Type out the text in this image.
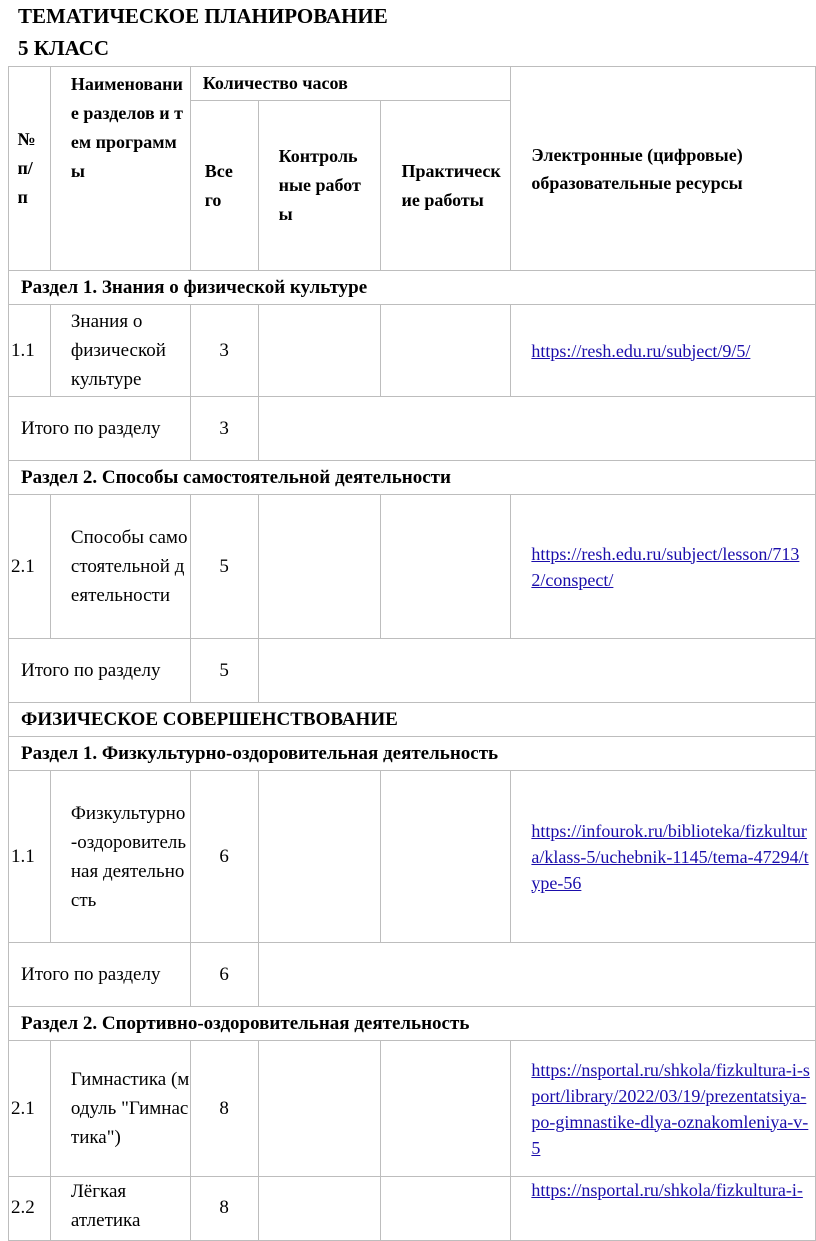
ТЕМАТИЧЕСКОЕ ПЛАНИРОВАНИЕ
5 КЛАСС
№ п/ п	Наименование разделов и тем программы	Количество часов			Электронные (цифровые) образовательные ресурсы

		Всего	Контрольные работы	Практические работы	

Раздел 1. Знания о физической культуре					
1.1	Знания о физической культуре	3			https://resh.edu.ru/subject/9/5/

Итого по разделу		3			
Раздел 2. Способы самостоятельной деятельности					
2.1	Способы самостоятельной деятельности	5			https://resh.edu.ru/subject/lesson/7132/conspect/

Итого по разделу		5			
ФИЗИЧЕСКОЕ СОВЕРШЕНСТВОВАНИЕ					
Раздел 1. Физкультурно-оздоровительная деятельность					
1.1	Физкультурно-оздоровительная деятельность	6			https://infourok.ru/biblioteka/fizkultura/klass-5/uchebnik-1145/tema-47294/type-56

Итого по разделу		6			
Раздел 2. Спортивно-оздоровительная деятельность					
2.1	Гимнастика (модуль "Гимнастика")	8			https://nsportal.ru/shkola/fizkultura-i-sport/library/2022/03/19/prezentatsiya-po-gimnastike-dlya-oznakomleniya-v-5

2.2	Лёгкая атлетика	8			https://nsportal.ru/shkola/fizkultura-i-
